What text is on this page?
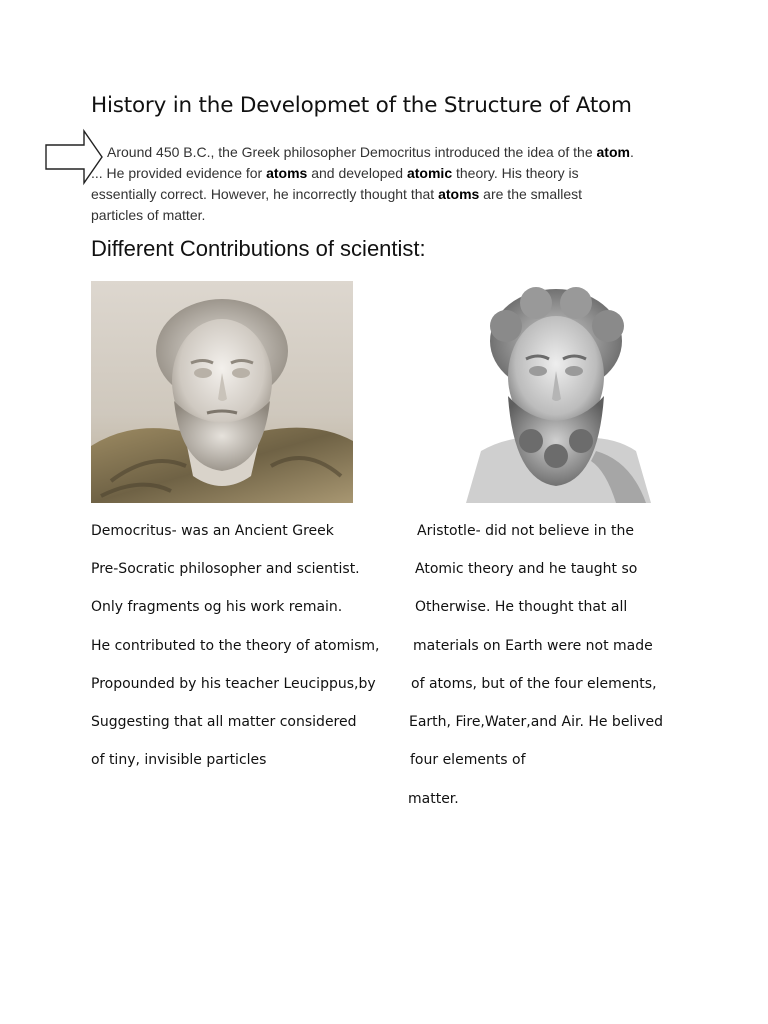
History in the Developmet of the Structure of Atom
Around 450 B.C., the Greek philosopher Democritus introduced the idea of the atom.
... He provided evidence for atoms and developed atomic theory. His theory is
essentially correct. However, he incorrectly thought that atoms are the smallest
particles of matter.
Different Contributions of scientist:
Democritus- was an Ancient Greek
Pre-Socratic philosopher and scientist.
Only fragments og his work remain.
He contributed to the theory of atomism,
Propounded by his teacher Leucippus,by
Suggesting that all matter considered
of tiny, invisible particles
Aristotle- did not believe in the
Atomic theory and he taught so
Otherwise. He thought that all
materials on Earth were not made
of atoms, but of the four elements,
Earth, Fire,Water,and Air. He belived
four elements of
matter.
